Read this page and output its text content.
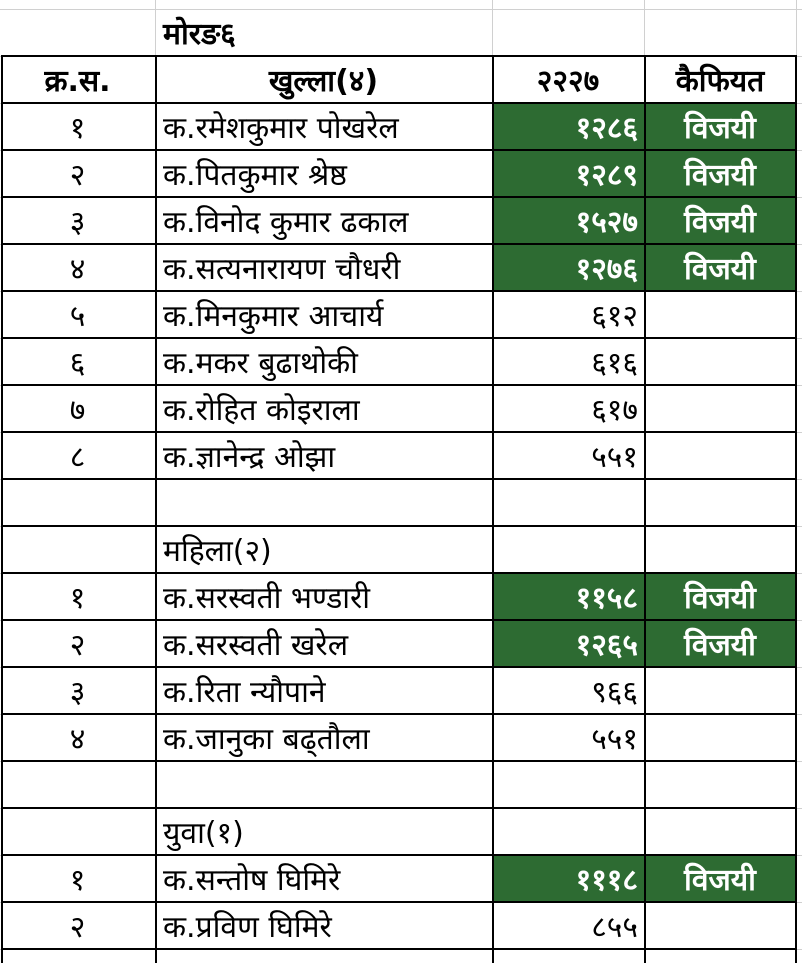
मोरङ६
क्र.स.	खुल्ला(४)	२२२७	कैफियत
१	क.रमेशकुमार पोखरेल	१२८६	विजयी
२	क.पितकुमार श्रेष्ठ	१२८९	विजयी
३	क.विनोद कुमार ढकाल	१५२७	विजयी
४	क.सत्यनारायण चौधरी	१२७६	विजयी
५	क.मिनकुमार आचार्य	६१२
६	क.मकर बुढाथोकी	६१६
७	क.रोहित कोइराला	६१७
८	क.ज्ञानेन्द्र ओझा	५५१
महिला(२)
१	क.सरस्वती भण्डारी	११५८	विजयी
२	क.सरस्वती खरेल	१२६५	विजयी
३	क.रिता न्यौपाने	९६६
४	क.जानुका बढ्तौला	५५१
युवा(१)
१	क.सन्तोष घिमिरे	१११८	विजयी
२	क.प्रविण घिमिरे	८५५
